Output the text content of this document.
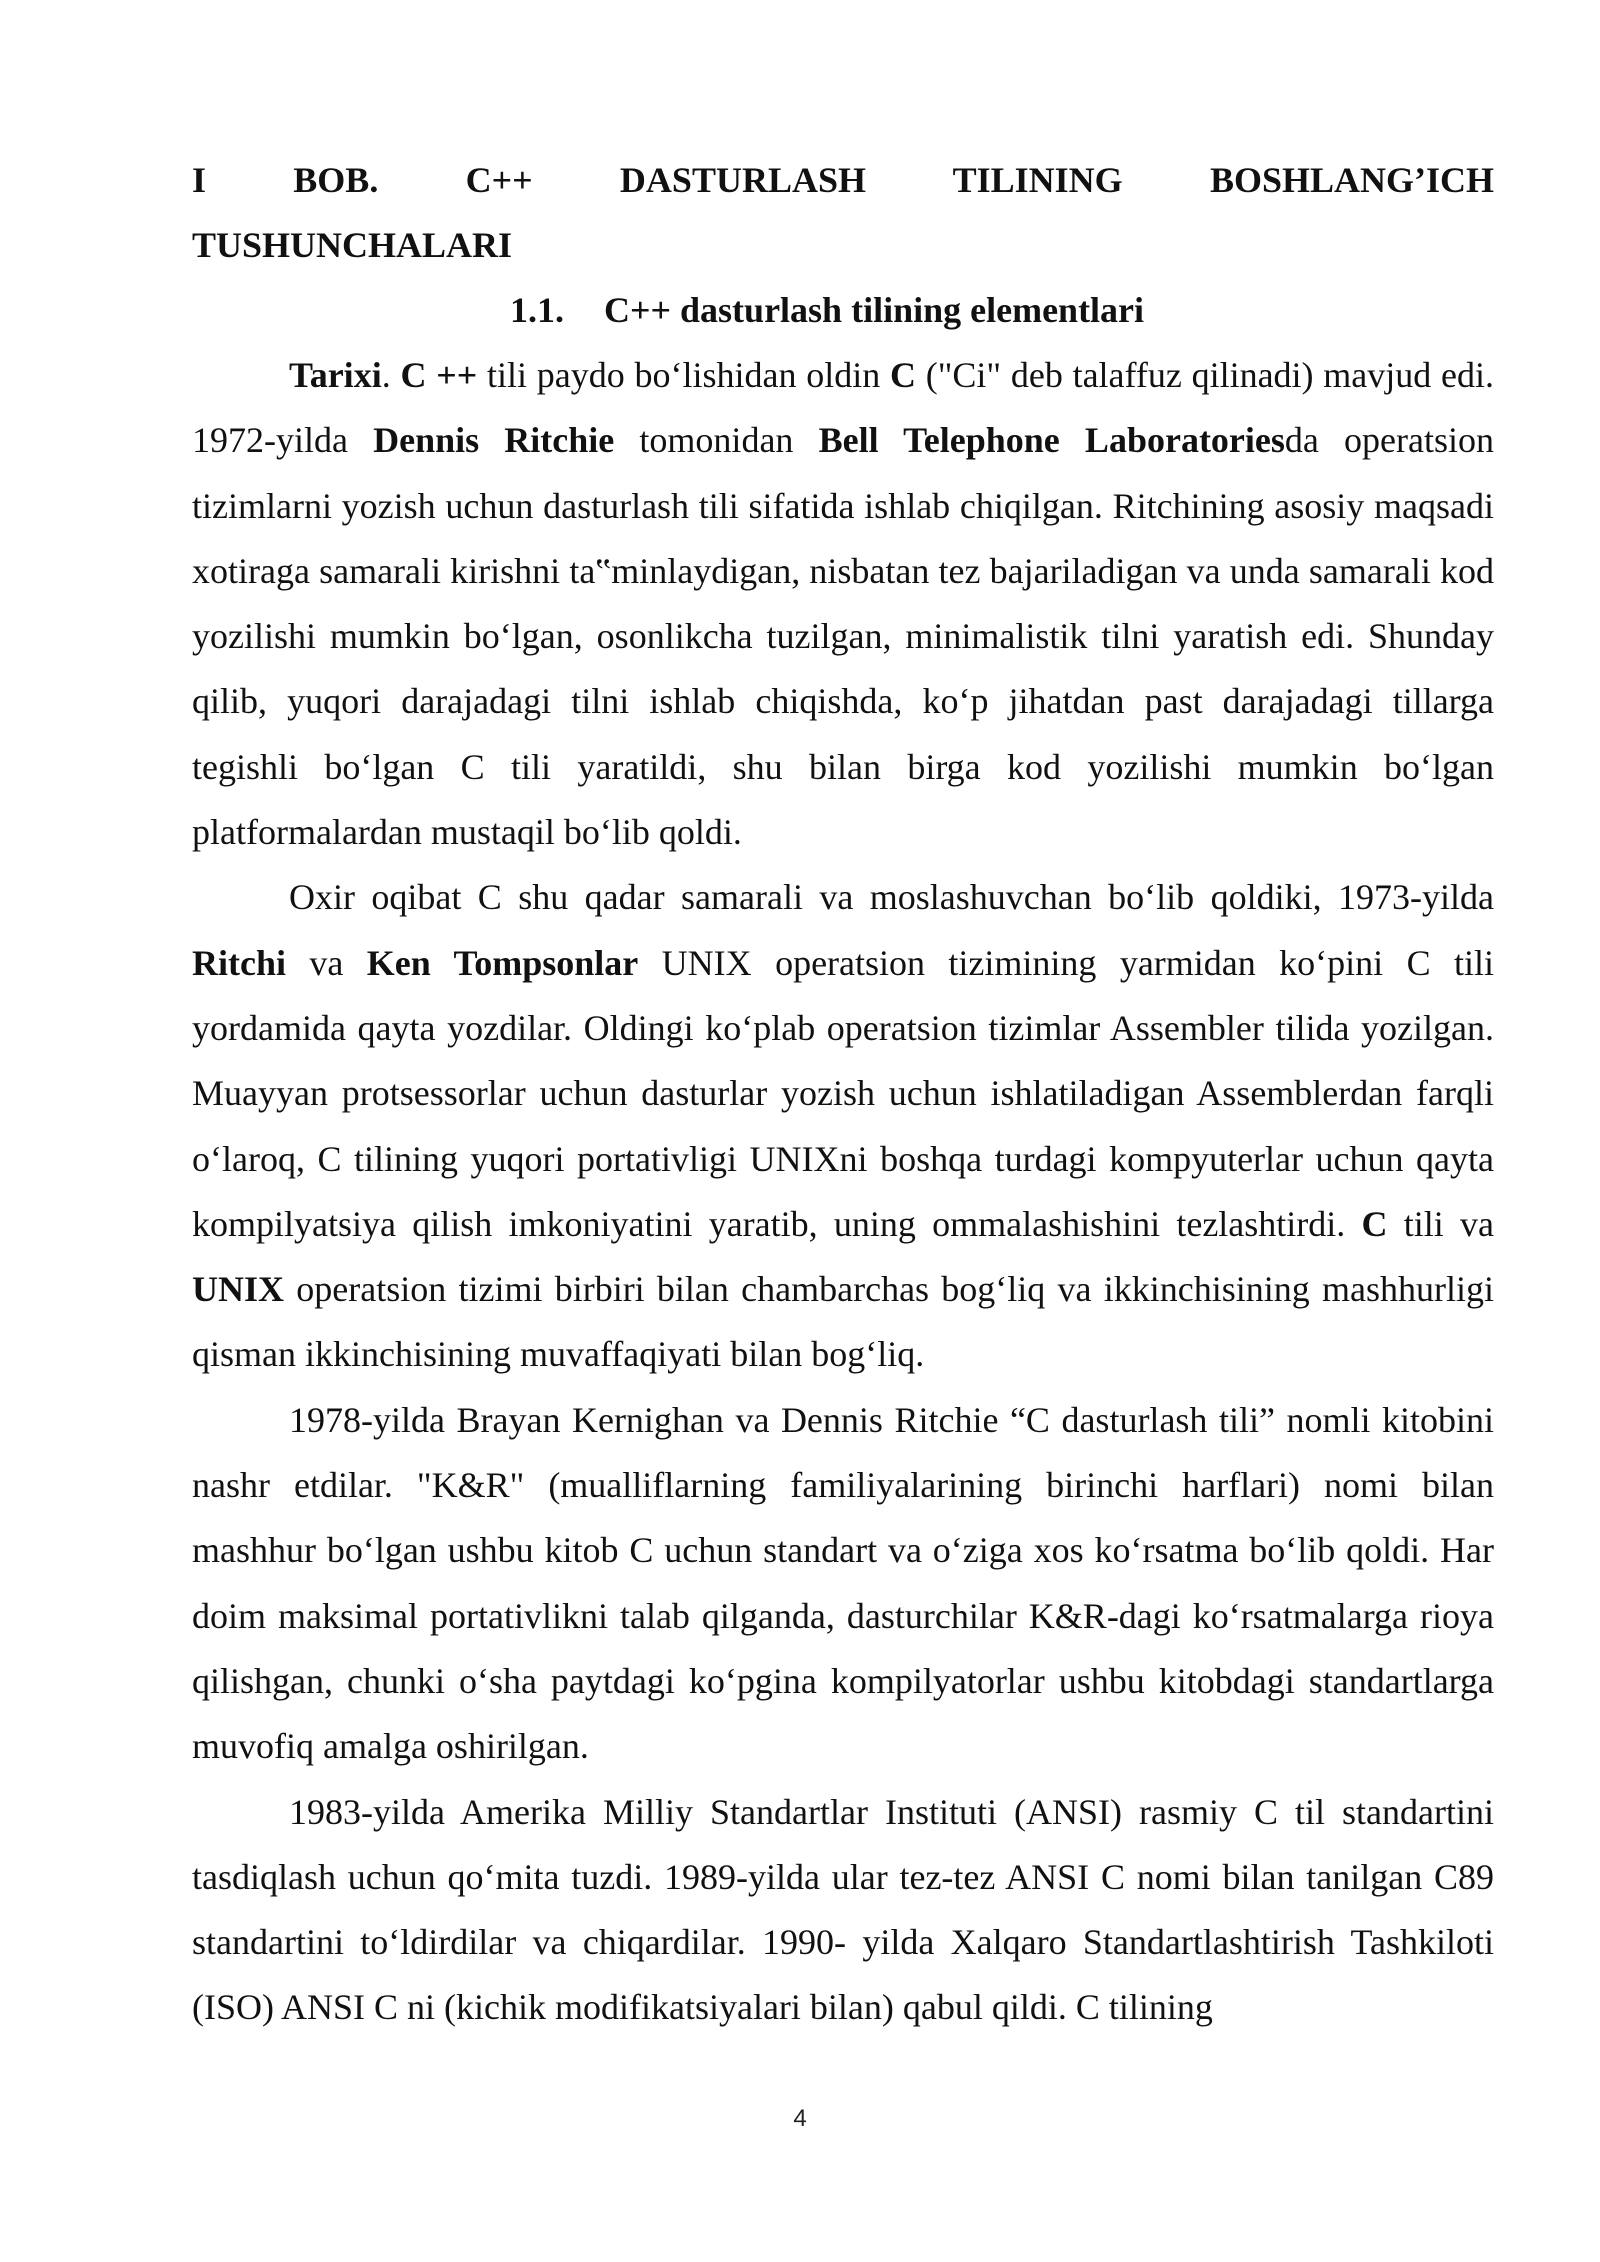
I BOB. C++ DASTURLASH TILINING BOSHLANG’ICH
TUSHUNCHALARI
1.1. C++ dasturlash tilining elementlari

Tarixi. C ++ tili paydo bo‘lishidan oldin C ("Ci" deb talaffuz qilinadi) mavjud edi. 1972-yilda Dennis Ritchie tomonidan Bell Telephone Laboratoriesda operatsion tizimlarni yozish uchun dasturlash tili sifatida ishlab chiqilgan. Ritchining asosiy maqsadi xotiraga samarali kirishni ta‟minlaydigan, nisbatan tez bajariladigan va unda samarali kod yozilishi mumkin bo‘lgan, osonlikcha tuzilgan, minimalistik tilni yaratish edi. Shunday qilib, yuqori darajadagi tilni ishlab chiqishda, ko‘p jihatdan past darajadagi tillarga tegishli bo‘lgan C tili yaratildi, shu bilan birga kod yozilishi mumkin bo‘lgan platformalardan mustaqil bo‘lib qoldi.

Oxir oqibat C shu qadar samarali va moslashuvchan bo‘lib qoldiki, 1973-yilda Ritchi va Ken Tompsonlar UNIX operatsion tizimining yarmidan ko‘pini C tili yordamida qayta yozdilar. Oldingi ko‘plab operatsion tizimlar Assembler tilida yozilgan. Muayyan protsessorlar uchun dasturlar yozish uchun ishlatiladigan Assemblerdan farqli o‘laroq, C tilining yuqori portativligi UNIXni boshqa turdagi kompyuterlar uchun qayta kompilyatsiya qilish imkoniyatini yaratib, uning ommalashishini tezlashtirdi. C tili va UNIX operatsion tizimi birbiri bilan chambarchas bog‘liq va ikkinchisining mashhurligi qisman ikkinchisining muvaffaqiyati bilan bog‘liq.

1978-yilda Brayan Kernighan va Dennis Ritchie “C dasturlash tili” nomli kitobini nashr etdilar. "K&R" (mualliflarning familiyalarining birinchi harflari) nomi bilan mashhur bo‘lgan ushbu kitob C uchun standart va o‘ziga xos ko‘rsatma bo‘lib qoldi. Har doim maksimal portativlikni talab qilganda, dasturchilar K&R-dagi ko‘rsatmalarga rioya qilishgan, chunki o‘sha paytdagi ko‘pgina kompilyatorlar ushbu kitobdagi standartlarga muvofiq amalga oshirilgan.

1983-yilda Amerika Milliy Standartlar Instituti (ANSI) rasmiy C til standartini tasdiqlash uchun qo‘mita tuzdi. 1989-yilda ular tez-tez ANSI C nomi bilan tanilgan C89 standartini to‘ldirdilar va chiqardilar. 1990- yilda Xalqaro Standartlashtirish Tashkiloti (ISO) ANSI C ni (kichik modifikatsiyalari bilan) qabul qildi. C tilining

4
